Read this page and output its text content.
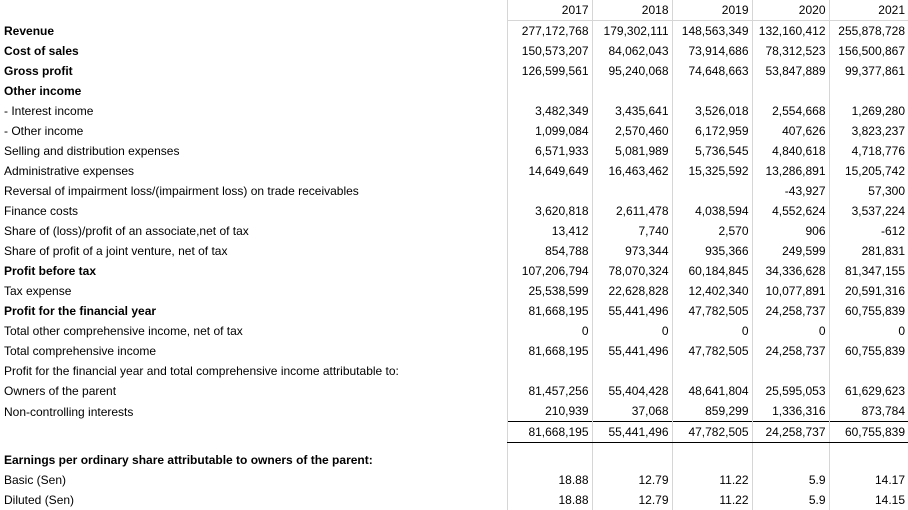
	2017	2018	2019	2020	2021
Revenue	277,172,768	179,302,111	148,563,349	132,160,412	255,878,728
Cost of sales	150,573,207	84,062,043	73,914,686	78,312,523	156,500,867
Gross profit	126,599,561	95,240,068	74,648,663	53,847,889	99,377,861
Other income					
- Interest income	3,482,349	3,435,641	3,526,018	2,554,668	1,269,280
- Other income	1,099,084	2,570,460	6,172,959	407,626	3,823,237
Selling and distribution expenses	6,571,933	5,081,989	5,736,545	4,840,618	4,718,776
Administrative expenses	14,649,649	16,463,462	15,325,592	13,286,891	15,205,742
Reversal of impairment loss/(impairment loss) on trade receivables				-43,927	57,300
Finance costs	3,620,818	2,611,478	4,038,594	4,552,624	3,537,224
Share of (loss)/profit of an associate,net of tax	13,412	7,740	2,570	906	-612
Share of profit of a joint venture, net of tax	854,788	973,344	935,366	249,599	281,831
Profit before tax	107,206,794	78,070,324	60,184,845	34,336,628	81,347,155
Tax expense	25,538,599	22,628,828	12,402,340	10,077,891	20,591,316
Profit for the financial year	81,668,195	55,441,496	47,782,505	24,258,737	60,755,839
Total other comprehensive income, net of tax	0	0	0	0	0
Total comprehensive income	81,668,195	55,441,496	47,782,505	24,258,737	60,755,839
Profit for the financial year and total comprehensive income attributable to:					
Owners of the parent	81,457,256	55,404,428	48,641,804	25,595,053	61,629,623
Non-controlling interests	210,939	37,068	859,299	1,336,316	873,784
	81,668,195	55,441,496	47,782,505	24,258,737	60,755,839

Earnings per ordinary share attributable to owners of the parent:					
Basic (Sen)	18.88	12.79	11.22	5.9	14.17
Diluted (Sen)	18.88	12.79	11.22	5.9	14.15
